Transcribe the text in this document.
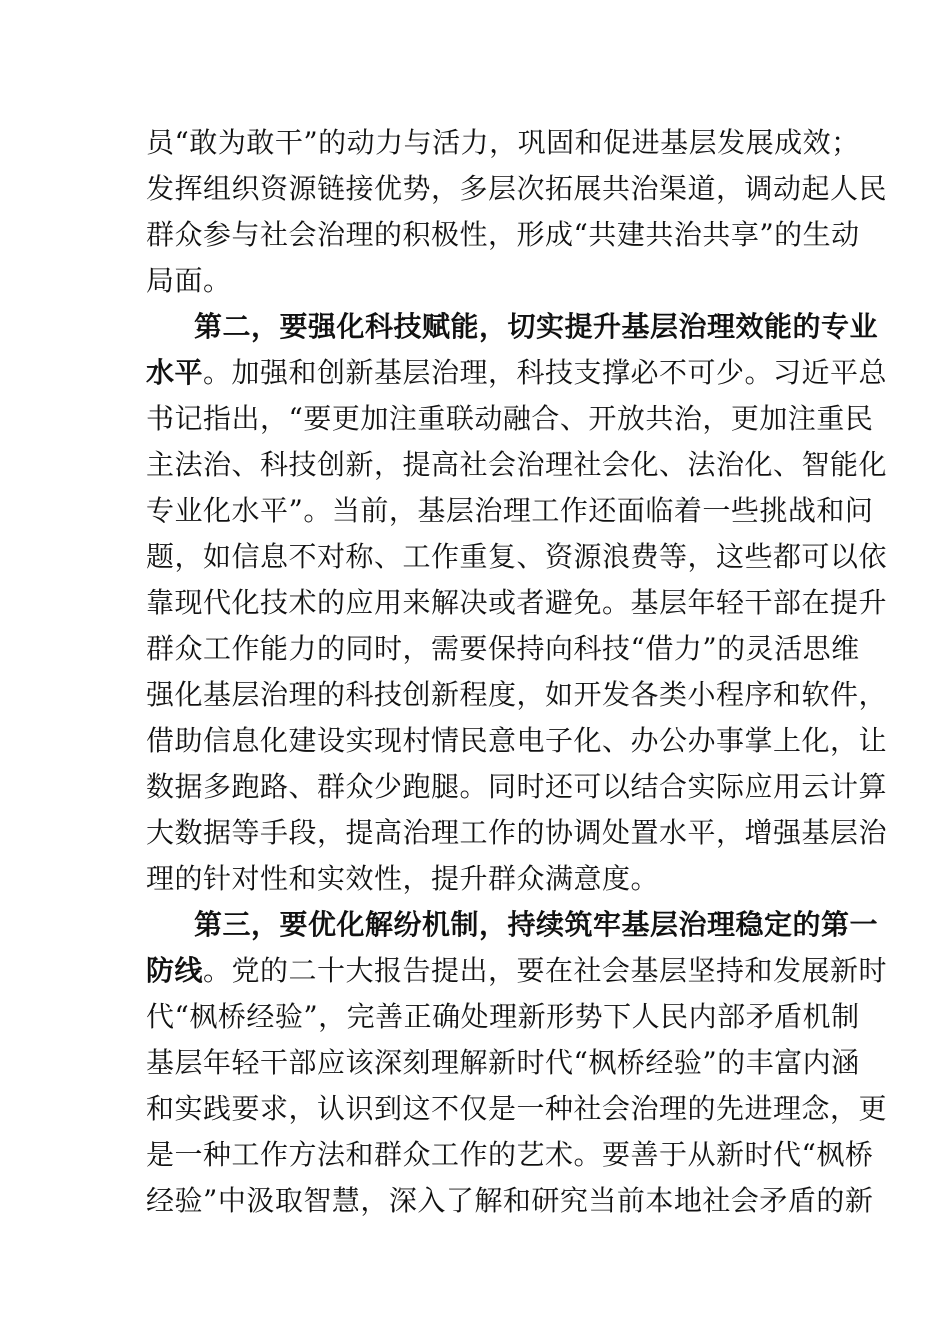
员“敢为敢干”的动力与活力，巩固和促进基层发展成效；
发挥组织资源链接优势，多层次拓展共治渠道，调动起人民
群众参与社会治理的积极性，形成“共建共治共享”的生动
局面。
第二，要强化科技赋能，切实提升基层治理效能的专业
水平。加强和创新基层治理，科技支撑必不可少。习近平总
书记指出，“要更加注重联动融合、开放共治，更加注重民
主法治、科技创新，提高社会治理社会化、法治化、智能化
专业化水平”。当前，基层治理工作还面临着一些挑战和问
题，如信息不对称、工作重复、资源浪费等，这些都可以依
靠现代化技术的应用来解决或者避免。基层年轻干部在提升
群众工作能力的同时，需要保持向科技“借力”的灵活思维
强化基层治理的科技创新程度，如开发各类小程序和软件，
借助信息化建设实现村情民意电子化、办公办事掌上化，让
数据多跑路、群众少跑腿。同时还可以结合实际应用云计算
大数据等手段，提高治理工作的协调处置水平，增强基层治
理的针对性和实效性，提升群众满意度。
第三，要优化解纷机制，持续筑牢基层治理稳定的第一
防线。党的二十大报告提出，要在社会基层坚持和发展新时
代“枫桥经验”，完善正确处理新形势下人民内部矛盾机制
基层年轻干部应该深刻理解新时代“枫桥经验”的丰富内涵
和实践要求，认识到这不仅是一种社会治理的先进理念，更
是一种工作方法和群众工作的艺术。要善于从新时代“枫桥
经验”中汲取智慧，深入了解和研究当前本地社会矛盾的新
